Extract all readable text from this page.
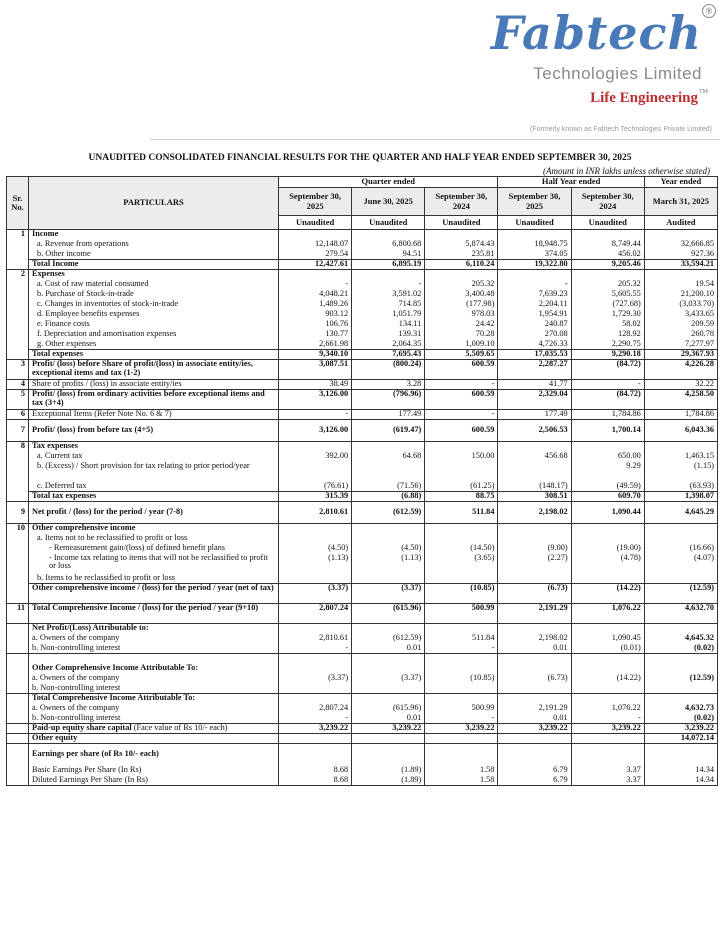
Fabtech ®
Technologies Limited
Life Engineering TM
(Formerly known as Fabtech Technologies Private Limited)
UNAUDITED CONSOLIDATED FINANCIAL RESULTS FOR THE QUARTER AND HALF YEAR ENDED SEPTEMBER 30, 2025
(Amount in INR lakhs unless otherwise stated)
Sr. No.	PARTICULARS	Quarter ended			Half Year ended		Year ended
		September 30, 2025	June 30, 2025	September 30, 2024	September 30, 2025	September 30, 2024	March 31, 2025
		Unaudited	Unaudited	Unaudited	Unaudited	Unaudited	Audited
1	Income						
	a. Revenue from operations	12,148.07	6,800.68	5,874.43	18,948.75	8,749.44	32,666.85
	b. Other income	279.54	94.51	235.81	374.05	456.02	927.36
	Total Income	12,427.61	6,895.19	6,110.24	19,322.80	9,205.46	33,594.21
2	Expenses						
	a. Cost of raw material consumed	-	-	205.32	-	205.32	19.54
	b. Purchase of Stock-in-trade	4,048.21	3,591.02	3,400.48	7,639.23	5,605.55	21,200.10
	c. Changes in inventories of stock-in-trade	1,489.26	714.85	(177.98)	2,204.11	(727.68)	(3,033.70)
	d. Employee benefits expenses	903.12	1,051.79	978.03	1,954.91	1,729.30	3,433.65
	e. Finance costs	106.76	134.11	24.42	240.87	58.02	209.59
	f. Depreciation and amortisation expenses	130.77	139.31	70.28	270.08	128.92	260.78
	g. Other expenses	2,661.98	2,064.35	1,009.10	4,726.33	2,290.75	7,277.97
	Total expenses	9,340.10	7,695.43	5,509.65	17,035.53	9,290.18	29,367.93
3	Profit/ (loss) before Share of profit/(loss) in associate entity/ies, exceptional items and tax (1-2)	3,087.51	(800.24)	600.59	2,287.27	(84.72)	4,226.28
4	Share of profits / (loss) in associate entity/ies	38.49	3.28	-	41.77	-	32.22
5	Profit/ (loss) from ordinary activities before exceptional items and tax (3+4)	3,126.00	(796.96)	600.59	2,329.04	(84.72)	4,258.50
6	Exceptional Items (Refer Note No. 6 & 7)	-	177.49	-	177.49	1,784.86	1,784.86
7	Profit/ (loss) from before tax (4+5)	3,126.00	(619.47)	600.59	2,506.53	1,700.14	6,043.36
8	Tax expenses						
	a. Current tax	392.00	64.68	150.00	456.68	650.00	1,463.15
	b. (Excess) / Short provision for tax relating to prior period/year					9.29	(1.15)
	c. Deferred tax	(76.61)	(71.56)	(61.25)	(148.17)	(49.59)	(63.93)
	Total tax expenses	315.39	(6.88)	88.75	308.51	609.70	1,398.07
9	Net profit / (loss) for the period / year (7-8)	2,810.61	(612.59)	511.84	2,198.02	1,090.44	4,645.29
10	Other comprehensive income						
	a. Items not to be reclassified to profit or loss						
	- Remeasurement gain/(loss) of defined benefit plans	(4.50)	(4.50)	(14.50)	(9.00)	(19.00)	(16.66)
	- Income tax relating to items that will not be reclassified to profit or loss	(1.13)	(1.13)	(3.65)	(2.27)	(4.78)	(4.07)
	b. Items to be reclassified to profit or loss						
	Other comprehensive income / (loss) for the period / year (net of tax)	(3.37)	(3.37)	(10.85)	(6.73)	(14.22)	(12.59)
11	Total Comprehensive Income / (loss) for the period / year (9+10)	2,807.24	(615.96)	500.99	2,191.29	1,076.22	4,632.70
	Net Profit/(Loss) Attributable to:						
	a. Owners of the company	2,810.61	(612.59)	511.84	2,198.02	1,090.45	4,645.32
	b. Non-controlling interest	-	0.01	-	0.01	(0.01)	(0.02)

	Other Comprehensive Income Attributable To:						
	a. Owners of the company	(3.37)	(3.37)	(10.85)	(6.73)	(14.22)	(12.59)
	b. Non-controlling interest						
	Total Comprehensive Income Attributable To:						
	a. Owners of the company	2,807.24	(615.96)	500.99	2,191.29	1,076.22	4,632.73
	b. Non-controlling interest	-	0.01	-	0.01	-	(0.02)
	Paid-up equity share capital (Face value of Rs 10/- each)	3,239.22	3,239.22	3,239.22	3,239.22	3,239.22	3,239.22
	Other equity						14,072.14
	Earnings per share (of Rs 10/- each)						
	Basic Earnings Per Share (In Rs)	8.68	(1.89)	1.58	6.79	3.37	14.34
	Diluted Earnings Per Share (In Rs)	8.68	(1.89)	1.58	6.79	3.37	14.34
